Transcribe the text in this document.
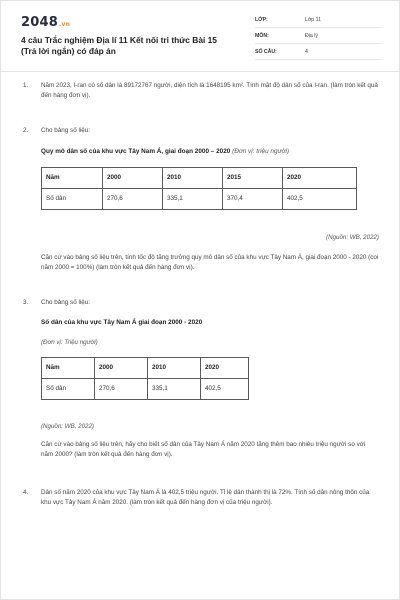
2048.vn
4 câu Trắc nghiệm Địa lí 11 Kết nối tri thức Bài 15 (Trả lời ngắn) có đáp án
LỚP:	Lớp 11
MÔN:	Địa lý
SỐ CÂU:	4
1. Năm 2023, I-ran có số dân là 89172767 người, diện tích là 1648195 km². Tính mật độ dân số của I-ran. (làm tròn kết quả đến hàng đơn vị).
2. Cho bảng số liệu:
Quy mô dân số của khu vực Tây Nam Á, giai đoạn 2000 – 2020 (Đơn vị: triệu người)
Năm	2000	2010	2015	2020
Số dân	270,6	335,1	370,4	402,5
(Nguồn: WB, 2022)
Căn cứ vào bảng số liệu trên, tính tốc độ tăng trưởng quy mô dân số của khu vực Tây Nam Á, giai đoạn 2000 - 2020 (coi năm 2000 = 100%) (làm tròn kết quả đến hàng đơn vị).
3. Cho bảng số liệu:
Số dân của khu vực Tây Nam Á giai đoạn 2000 - 2020
(Đơn vị: Triệu người)
Năm	2000	2010	2020
Số dân	270,6	335,1	402,5
(Nguồn: WB, 2022)
Căn cứ vào bảng số liệu trên, hãy cho biết số dân của Tây Nam Á năm 2020 tăng thêm bao nhiêu triệu người so với năm 2000? (làm tròn kết quả đến hàng đơn vị).
4. Dân số năm 2020 của khu vực Tây Nam Á là 402,5 triệu người. Tỉ lệ dân thành thị là 72%. Tính số dân nông thôn của khu vực Tây Nam Á năm 2020. (làm tròn kết quả đến hàng đơn vị của triệu người).
